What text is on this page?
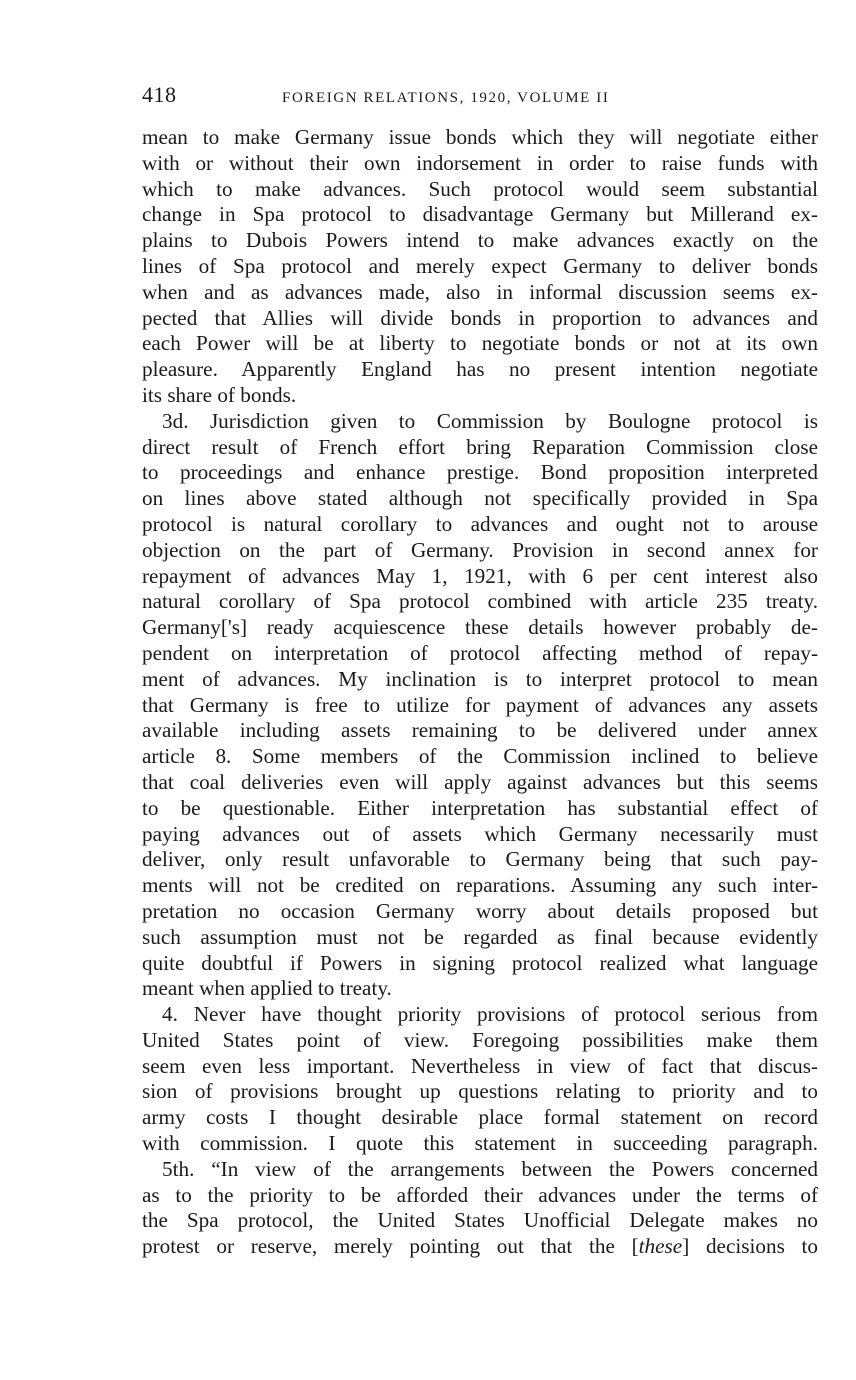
418	FOREIGN RELATIONS, 1920, VOLUME II
mean to make Germany issue bonds which they will negotiate either
with or without their own indorsement in order to raise funds with
which to make advances. Such protocol would seem substantial
change in Spa protocol to disadvantage Germany but Millerand ex-
plains to Dubois Powers intend to make advances exactly on the
lines of Spa protocol and merely expect Germany to deliver bonds
when and as advances made, also in informal discussion seems ex-
pected that Allies will divide bonds in proportion to advances and
each Power will be at liberty to negotiate bonds or not at its own
pleasure. Apparently England has no present intention negotiate
its share of bonds.
3d. Jurisdiction given to Commission by Boulogne protocol is
direct result of French effort bring Reparation Commission close
to proceedings and enhance prestige. Bond proposition interpreted
on lines above stated although not specifically provided in Spa
protocol is natural corollary to advances and ought not to arouse
objection on the part of Germany. Provision in second annex for
repayment of advances May 1, 1921, with 6 per cent interest also
natural corollary of Spa protocol combined with article 235 treaty.
Germany['s] ready acquiescence these details however probably de-
pendent on interpretation of protocol affecting method of repay-
ment of advances. My inclination is to interpret protocol to mean
that Germany is free to utilize for payment of advances any assets
available including assets remaining to be delivered under annex
article 8. Some members of the Commission inclined to believe
that coal deliveries even will apply against advances but this seems
to be questionable. Either interpretation has substantial effect of
paying advances out of assets which Germany necessarily must
deliver, only result unfavorable to Germany being that such pay-
ments will not be credited on reparations. Assuming any such inter-
pretation no occasion Germany worry about details proposed but
such assumption must not be regarded as final because evidently
quite doubtful if Powers in signing protocol realized what language
meant when applied to treaty.
4. Never have thought priority provisions of protocol serious from
United States point of view. Foregoing possibilities make them
seem even less important. Nevertheless in view of fact that discus-
sion of provisions brought up questions relating to priority and to
army costs I thought desirable place formal statement on record
with commission. I quote this statement in succeeding paragraph.
5th. “In view of the arrangements between the Powers concerned
as to the priority to be afforded their advances under the terms of
the Spa protocol, the United States Unofficial Delegate makes no
protest or reserve, merely pointing out that the [these] decisions to
